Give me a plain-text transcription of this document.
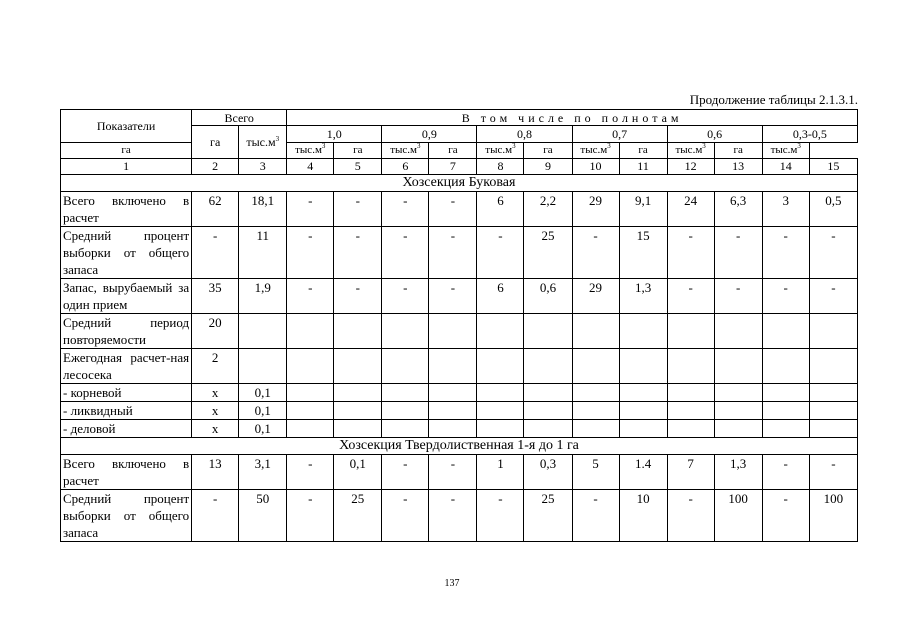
Продолжение таблицы 2.1.3.1.
Показатели	Всего		В том числе по полнотам											
	га	$тыс.м^3$	1,0		0,9		0,8		0,7		0,6		0,3-0,5	
га			$тыс.м^3$	га	$тыс.м^3$	га	$тыс.м^3$	га	$тыс.м^3$	га	$тыс.м^3$	га	$тыс.м^3$
1	2	3	4	5	6	7	8	9	10	11	12	13	14	15
Хозсекция Буковая														
Всего включено в расчет	62	18,1	-	-	-	-	6	2,2	29	9,1	24	6,3	3	0,5
Средний процент выборки от общего запаса	-	11	-	-	-	-	-	25	-	15	-	-	-	-
Запас, вырубаемый за один прием	35	1,9	-	-	-	-	6	0,6	29	1,3	-	-	-	-
Средний период повторяемости	20													
Ежегодная расчет-ная лесосека	2													
- корневой	х	0,1												
- ликвидный	х	0,1												
- деловой	х	0,1												
Хозсекция Твердолиственная 1-я до 1 га														
Всего включено в расчет	13	3,1	-	0,1	-	-	1	0,3	5	1.4	7	1,3	-	-
Средний процент выборки от общего запаса	-	50	-	25	-	-	-	25	-	10	-	100	-	100
137
